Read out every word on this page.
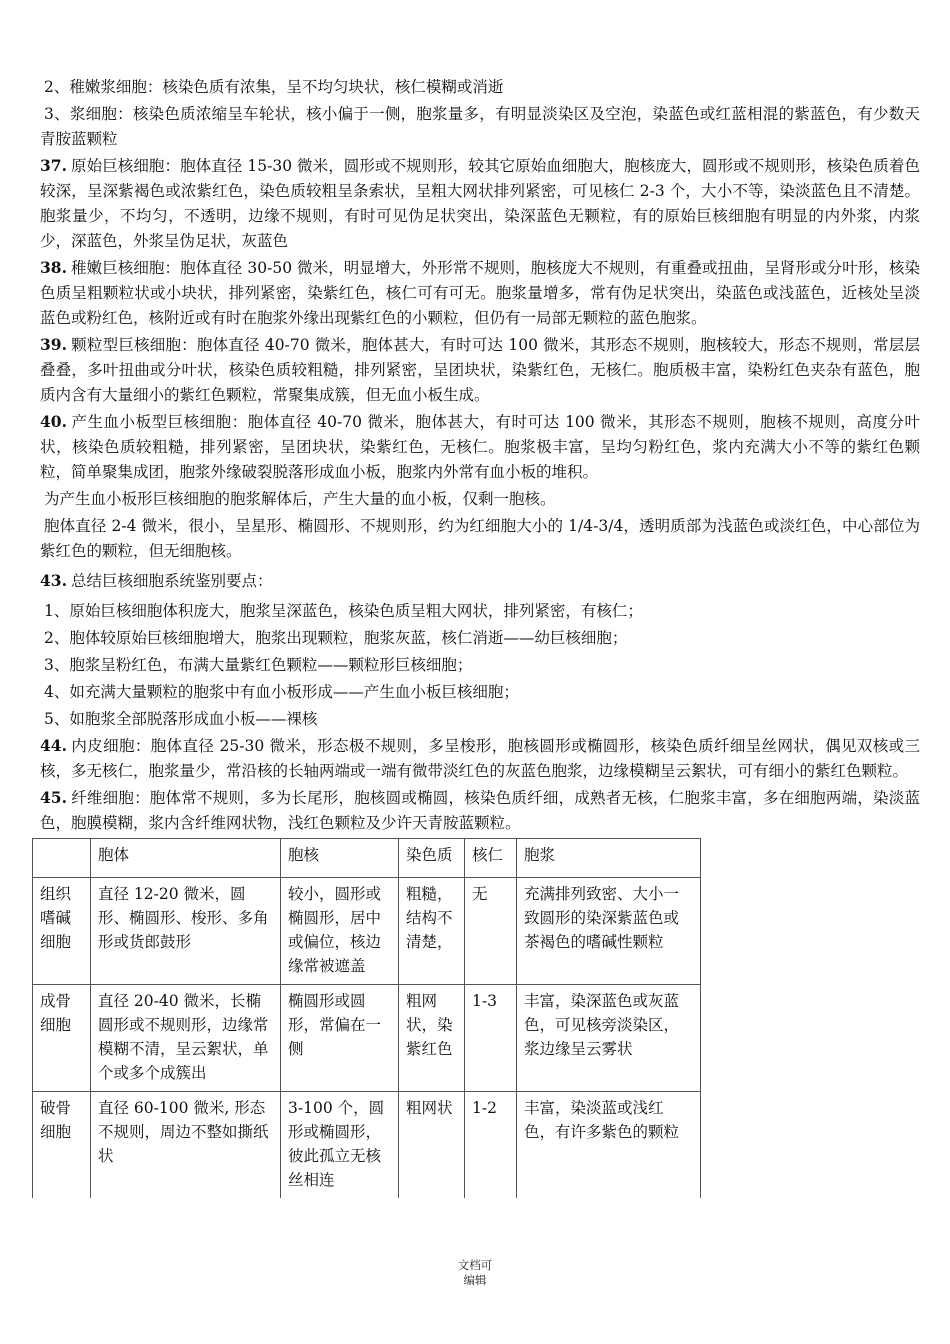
2、稚嫩浆细胞：核染色质有浓集，呈不均匀块状，核仁模糊或消逝

3、浆细胞：核染色质浓缩呈车轮状，核小偏于一侧，胞浆量多，有明显淡染区及空泡，染蓝色或红蓝相混的紫蓝色，有少数天青胺蓝颗粒

37. 原始巨核细胞：胞体直径 15-30 微米，圆形或不规则形，较其它原始血细胞大，胞核庞大，圆形或不规则形，核染色质着色较深，呈深紫褐色或浓紫红色，染色质较粗呈条索状，呈粗大网状排列紧密，可见核仁 2-3 个，大小不等，染淡蓝色且不清楚。胞浆量少，不均匀，不透明，边缘不规则，有时可见伪足状突出，染深蓝色无颗粒，有的原始巨核细胞有明显的内外浆，内浆少，深蓝色，外浆呈伪足状，灰蓝色

38. 稚嫩巨核细胞：胞体直径 30-50 微米，明显增大，外形常不规则，胞核庞大不规则，有重叠或扭曲，呈肾形或分叶形，核染色质呈粗颗粒状或小块状，排列紧密，染紫红色，核仁可有可无。胞浆量增多，常有伪足状突出，染蓝色或浅蓝色，近核处呈淡蓝色或粉红色，核附近或有时在胞浆外缘出现紫红色的小颗粒，但仍有一局部无颗粒的蓝色胞浆。

39. 颗粒型巨核细胞：胞体直径 40-70 微米，胞体甚大，有时可达 100 微米，其形态不规则，胞核较大，形态不规则，常层层叠叠，多叶扭曲或分叶状，核染色质较粗糙，排列紧密，呈团块状，染紫红色，无核仁。胞质极丰富，染粉红色夹杂有蓝色，胞质内含有大量细小的紫红色颗粒，常聚集成簇，但无血小板生成。

40. 产生血小板型巨核细胞：胞体直径 40-70 微米，胞体甚大，有时可达 100 微米，其形态不规则，胞核不规则，高度分叶状，核染色质较粗糙，排列紧密，呈团块状，染紫红色，无核仁。胞浆极丰富，呈均匀粉红色，浆内充满大小不等的紫红色颗粒，简单聚集成团，胞浆外缘破裂脱落形成血小板，胞浆内外常有血小板的堆积。

为产生血小板形巨核细胞的胞浆解体后，产生大量的血小板，仅剩一胞核。

胞体直径 2-4 微米，很小，呈星形、椭圆形、不规则形，约为红细胞大小的 1/4-3/4，透明质部为浅蓝色或淡红色，中心部位为紫红色的颗粒，但无细胞核。

43. 总结巨核细胞系统鉴别要点：

1、原始巨核细胞体积庞大，胞浆呈深蓝色，核染色质呈粗大网状，排列紧密，有核仁；

2、胞体较原始巨核细胞增大，胞浆出现颗粒，胞浆灰蓝，核仁消逝——幼巨核细胞；

3、胞浆呈粉红色，布满大量紫红色颗粒——颗粒形巨核细胞；

4、如充满大量颗粒的胞浆中有血小板形成——产生血小板巨核细胞；

5、如胞浆全部脱落形成血小板——裸核

44. 内皮细胞：胞体直径 25-30 微米，形态极不规则，多呈梭形，胞核圆形或椭圆形，核染色质纤细呈丝网状，偶见双核或三核，多无核仁，胞浆量少，常沿核的长轴两端或一端有微带淡红色的灰蓝色胞浆，边缘模糊呈云絮状，可有细小的紫红色颗粒。

45. 纤维细胞：胞体常不规则，多为长尾形，胞核圆或椭圆，核染色质纤细，成熟者无核，仁胞浆丰富，多在细胞两端，染淡蓝色，胞膜模糊，浆内含纤维网状物，浅红色颗粒及少许天青胺蓝颗粒。

	胞体	胞核	染色质	核仁	胞浆
组织嗜碱细胞	直径 12-20 微米，圆形、椭圆形、梭形、多角形或货郎鼓形	较小，圆形或椭圆形，居中或偏位，核边缘常被遮盖	粗糙，结构不清楚，	无	充满排列致密、大小一致圆形的染深紫蓝色或茶褐色的嗜碱性颗粒
成骨细胞	直径 20-40 微米，长椭圆形或不规则形，边缘常模糊不清，呈云絮状，单个或多个成簇出	椭圆形或圆形，常偏在一侧	粗网状，染紫红色	1-3	丰富，染深蓝色或灰蓝色，可见核旁淡染区，浆边缘呈云雾状
破骨细胞	直径 60-100 微米, 形态不规则，周边不整如撕纸状	3-100 个，圆形或椭圆形，彼此孤立无核丝相连	粗网状	1-2	丰富，染淡蓝或浅红色，有许多紫色的颗粒
文档可
编辑
